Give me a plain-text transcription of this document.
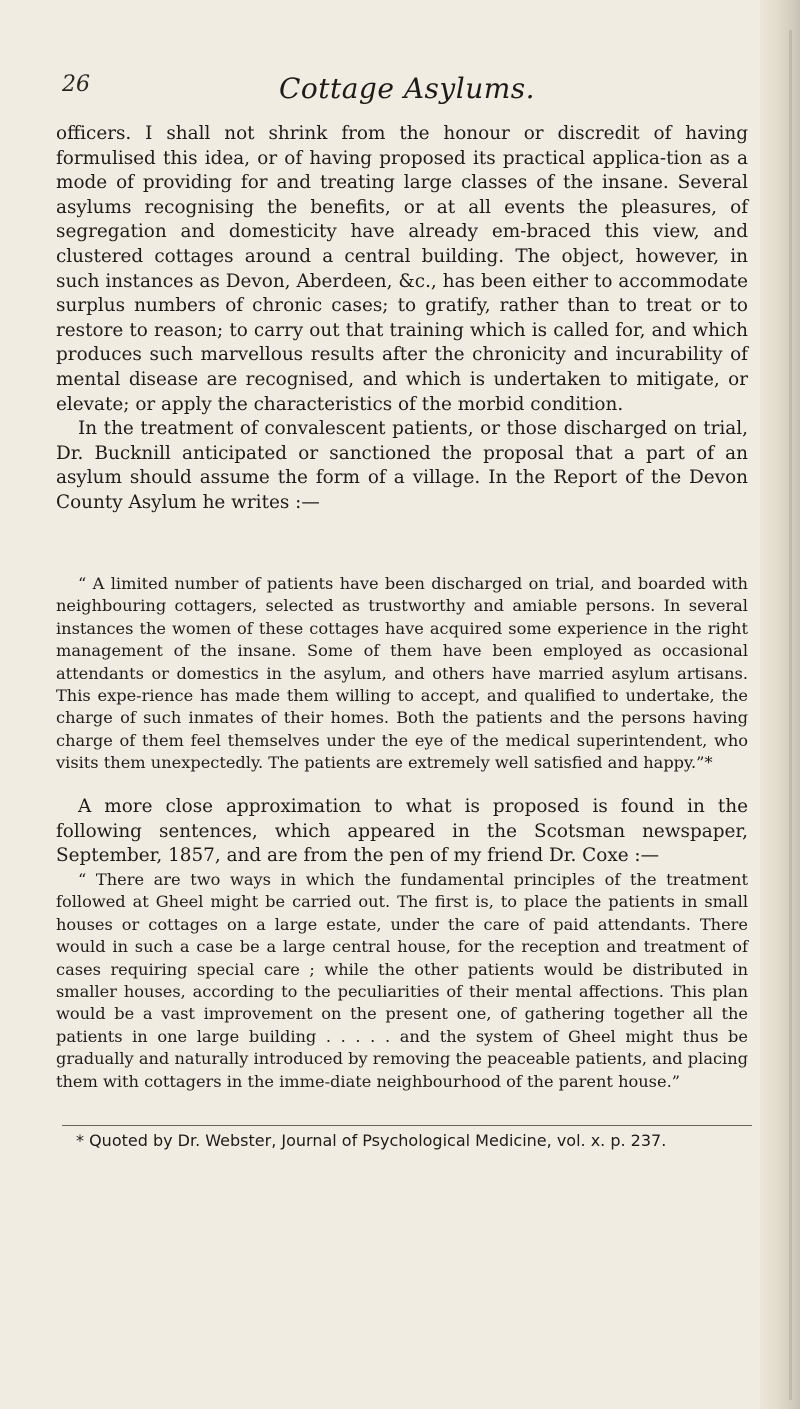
26	Cottage Asylums.

officers. I shall not shrink from the honour or discredit of having formulised this idea, or of having proposed its practical applica-tion as a mode of providing for and treating large classes of the insane. Several asylums recognising the benefits, or at all events the pleasures, of segregation and domesticity have already em-braced this view, and clustered cottages around a central building. The object, however, in such instances as Devon, Aberdeen, &c., has been either to accommodate surplus numbers of chronic cases; to gratify, rather than to treat or to restore to reason; to carry out that training which is called for, and which produces such marvellous results after the chronicity and incurability of mental disease are recognised, and which is undertaken to mitigate, or elevate; or apply the characteristics of the morbid condition.

In the treatment of convalescent patients, or those discharged on trial, Dr. Bucknill anticipated or sanctioned the proposal that a part of an asylum should assume the form of a village. In the Report of the Devon County Asylum he writes :—

“ A limited number of patients have been discharged on trial, and boarded with neighbouring cottagers, selected as trustworthy and amiable persons. In several instances the women of these cottages have acquired some experience in the right management of the insane. Some of them have been employed as occasional attendants or domestics in the asylum, and others have married asylum artisans. This expe-rience has made them willing to accept, and qualified to undertake, the charge of such inmates of their homes. Both the patients and the persons having charge of them feel themselves under the eye of the medical superintendent, who visits them unexpectedly. The patients are extremely well satisfied and happy.”*

A more close approximation to what is proposed is found in the following sentences, which appeared in the Scotsman newspaper, September, 1857, and are from the pen of my friend Dr. Coxe :—

“ There are two ways in which the fundamental principles of the treatment followed at Gheel might be carried out. The first is, to place the patients in small houses or cottages on a large estate, under the care of paid attendants. There would in such a case be a large central house, for the reception and treatment of cases requiring special care ; while the other patients would be distributed in smaller houses, according to the peculiarities of their mental affections. This plan would be a vast improvement on the present one, of gathering together all the patients in one large building . . . . . and the system of Gheel might thus be gradually and naturally introduced by removing the peaceable patients, and placing them with cottagers in the imme-diate neighbourhood of the parent house.”

* Quoted by Dr. Webster, Journal of Psychological Medicine, vol. x. p. 237.
